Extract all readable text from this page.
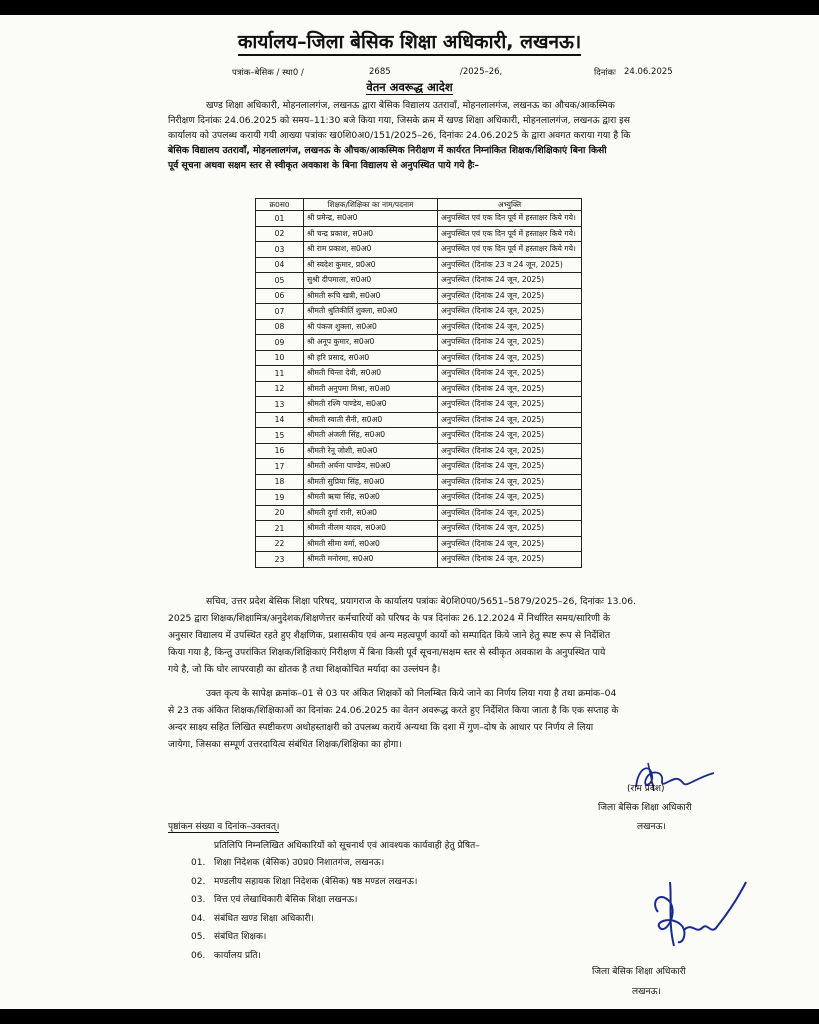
कार्यालय–जिला बेसिक शिक्षा अधिकारी, लखनऊ।
पत्रांक–बेसिक / स्था0 /	2685	/2025–26,	दिनांकः 24.06.2025
वेतन अवरूद्ध आदेश
खण्ड शिक्षा अधिकारी, मोहनलालगंज, लखनऊ द्वारा बेसिक विद्यालय उतरावाँ, मोहनलालगंज, लखनऊ का औचक/आकस्मिक
निरीक्षण दिनांकः 24.06.2025 को समय–11:30 बजे किया गया, जिसके क्रम में खण्ड शिक्षा अधिकारी, मोहनलालगंज, लखनऊ द्वारा इस
कार्यालय को उपलब्ध करायी गयी आख्या पत्रांकः ख0शि0अ0/151/2025–26, दिनांकः 24.06.2025 के द्वारा अवगत कराया गया है कि
बेसिक विद्यालय उतरावाँ, मोहनलालगंज, लखनऊ के औचक/आकस्मिक निरीक्षण में कार्यरत निम्नांकित शिक्षक/शिक्षिकाएं बिना किसी
पूर्व सूचना अथवा सक्षम स्तर से स्वीकृत अवकाश के बिना विद्यालय से अनुपस्थित पाये गये हैः–
क्र0स0	शिक्षक/शिक्षिका का नाम/पदनाम	अभ्युक्ति
01	श्री प्रमेन्द्र, स0अ0	अनुपस्थित एवं एक दिन पूर्व में हस्ताक्षर किये गये।
02	श्री चन्द्र प्रकाश, स0अ0	अनुपस्थित एवं एक दिन पूर्व में हस्ताक्षर किये गये।
03	श्री राम प्रकाश, स0अ0	अनुपस्थित एवं एक दिन पूर्व में हस्ताक्षर किये गये।
04	श्री स्वदेश कुमार, प्र0अ0	अनुपस्थित (दिनांक 23 व 24 जून, 2025)
05	सुश्री दीपमाला, स0अ0	अनुपस्थित (दिनांक 24 जून, 2025)
06	श्रीमती रूचि खत्री, स0अ0	अनुपस्थित (दिनांक 24 जून, 2025)
07	श्रीमती श्रुतिकीर्ति शुक्ला, स0अ0	अनुपस्थित (दिनांक 24 जून, 2025)
08	श्री पंकज शुक्ला, स0अ0	अनुपस्थित (दिनांक 24 जून, 2025)
09	श्री अनूप कुमार, स0अ0	अनुपस्थित (दिनांक 24 जून, 2025)
10	श्री हरि प्रसाद, स0अ0	अनुपस्थित (दिनांक 24 जून, 2025)
11	श्रीमती चिन्ता देवी, स0अ0	अनुपस्थित (दिनांक 24 जून, 2025)
12	श्रीमती अनुपमा मिश्रा, स0अ0	अनुपस्थित (दिनांक 24 जून, 2025)
13	श्रीमती रश्मि पाण्डेय, स0अ0	अनुपस्थित (दिनांक 24 जून, 2025)
14	श्रीमती स्वाती सैनी, स0अ0	अनुपस्थित (दिनांक 24 जून, 2025)
15	श्रीमती अंजली सिंह, स0अ0	अनुपस्थित (दिनांक 24 जून, 2025)
16	श्रीमती रेनू जोशी, स0अ0	अनुपस्थित (दिनांक 24 जून, 2025)
17	श्रीमती अर्चना पाण्डेय, स0अ0	अनुपस्थित (दिनांक 24 जून, 2025)
18	श्रीमती सुप्रिया सिंह, स0अ0	अनुपस्थित (दिनांक 24 जून, 2025)
19	श्रीमती ऋचा सिंह, स0अ0	अनुपस्थित (दिनांक 24 जून, 2025)
20	श्रीमती दुर्गा रानी, स0अ0	अनुपस्थित (दिनांक 24 जून, 2025)
21	श्रीमती नीलम यादव, स0अ0	अनुपस्थित (दिनांक 24 जून, 2025)
22	श्रीमती सीमा वर्मा, स0अ0	अनुपस्थित (दिनांक 24 जून, 2025)
23	श्रीमती मनोरमा, स0अ0	अनुपस्थित (दिनांक 24 जून, 2025)
सचिव, उत्तर प्रदेश बेसिक शिक्षा परिषद, प्रयागराज के कार्यालय पत्रांकः बे0शि0प0/5651–5879/2025–26, दिनांकः 13.06.
2025 द्वारा शिक्षक/शिक्षामित्र/अनुदेशक/शिक्षणेत्तर कर्मचारियों को परिषद के पत्र दिनांकः 26.12.2024 में निर्धारित समय/सारिणी के
अनुसार विद्यालय में उपस्थित रहते हुए शैक्षणिक, प्रशासकीय एवं अन्य महत्वपूर्ण कार्यो को सम्पादित किये जाने हेतु स्पष्ट रूप से निर्देशित
किया गया है, किन्तु उपरांकित शिक्षक/शिक्षिकाएं निरीक्षण में बिना किसी पूर्व सूचना/सक्षम स्तर से स्वीकृत अवकाश के अनुपस्थित पाये
गये है, जो कि घोर लापरवाही का द्योतक है तथा शिक्षकोचित मर्यादा का उल्लंघन है।
उक्त कृत्य के सापेक्ष क्रमांक–01 से 03 पर अंकित शिक्षकों को निलम्बित किये जाने का निर्णय लिया गया है तथा क्रमांक–04
से 23 तक अंकित शिक्षक/शिक्षिकाओं का दिनांकः 24.06.2025 का वेतन अवरूद्ध करते हुए निर्देशित किया जाता है कि एक सप्ताह के
अन्दर साक्ष्य सहित लिखित स्पष्टीकरण अधोहस्ताक्षरी को उपलब्ध करायें अन्यथा कि दशा में गुण–दोष के आधार पर निर्णय ले लिया
जायेगा, जिसका सम्पूर्ण उत्तरदायित्व संबंधित शिक्षक/शिक्षिका का होगा।
(राम प्रवेश)
जिला बेसिक शिक्षा अधिकारी
लखनऊ।
पृष्ठांकन संख्या व दिनांक–उक्तवत्।
प्रतिलिपि निम्नलिखित अधिकारियों को सूचनार्थ एवं आवश्यक कार्यवाही हेतु प्रेषित–
01. शिक्षा निदेशक (बेसिक) उ0प्र0 निशातगंज, लखनऊ।
02. मण्डलीय सहायक शिक्षा निदेशक (बेसिक) षष्ठ मण्डल लखनऊ।
03. वित्त एवं लेखाधिकारी बेसिक शिक्षा लखनऊ।
04. संबंधित खण्ड शिक्षा अधिकारी।
05. संबंधित शिक्षक।
06. कार्यालय प्रति।
जिला बेसिक शिक्षा अधिकारी
लखनऊ।
